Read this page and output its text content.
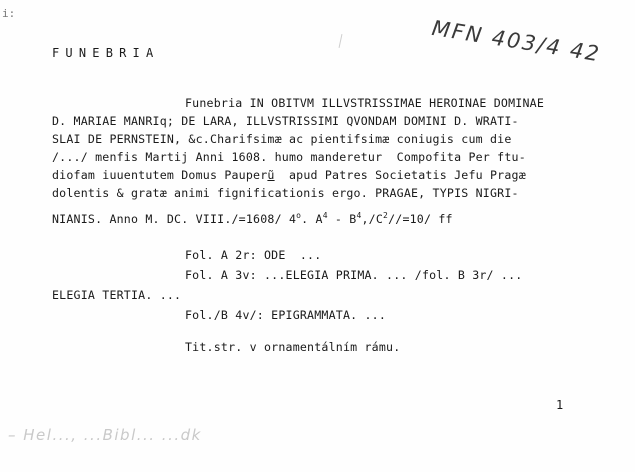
i:
MFN 403/4 42
FUNEBRIA
Funebria IN OBITVM ILLVSTRISSIMAE HEROINAE DOMINAE
D. MARIAE MANRIq; DE LARA, ILLVSTRISSIMI QVONDAM DOMINI D. WRATI-
SLAI DE PERNSTEIN, &c.Charifsimæ ac pientifsimæ coniugis cum die
/.../ menfis Martij Anni 1608. humo manderetur  Compofita Per ftu-
diofam iuuentutem Domus Pauperũ  apud Patres Societatis Jefu Pragæ
dolentis & gratæ animi fignificationis ergo. PRAGAE, TYPIS NIGRI-
NIANIS. Anno M. DC. VIII./=1608/ 4$^o$. $A^4 - B^4,/C^2//=10/$ ff
Fol. A 2r: ODE  ...
Fol. A 3v: ...ELEGIA PRIMA. ... /fol. B 3r/ ...
ELEGIA TERTIA. ...
Fol./B 4v/: EPIGRAMMATA. ...
Tit.str. v ornamentálním rámu.
1
– Hel..., ...Bibl... ...dk
